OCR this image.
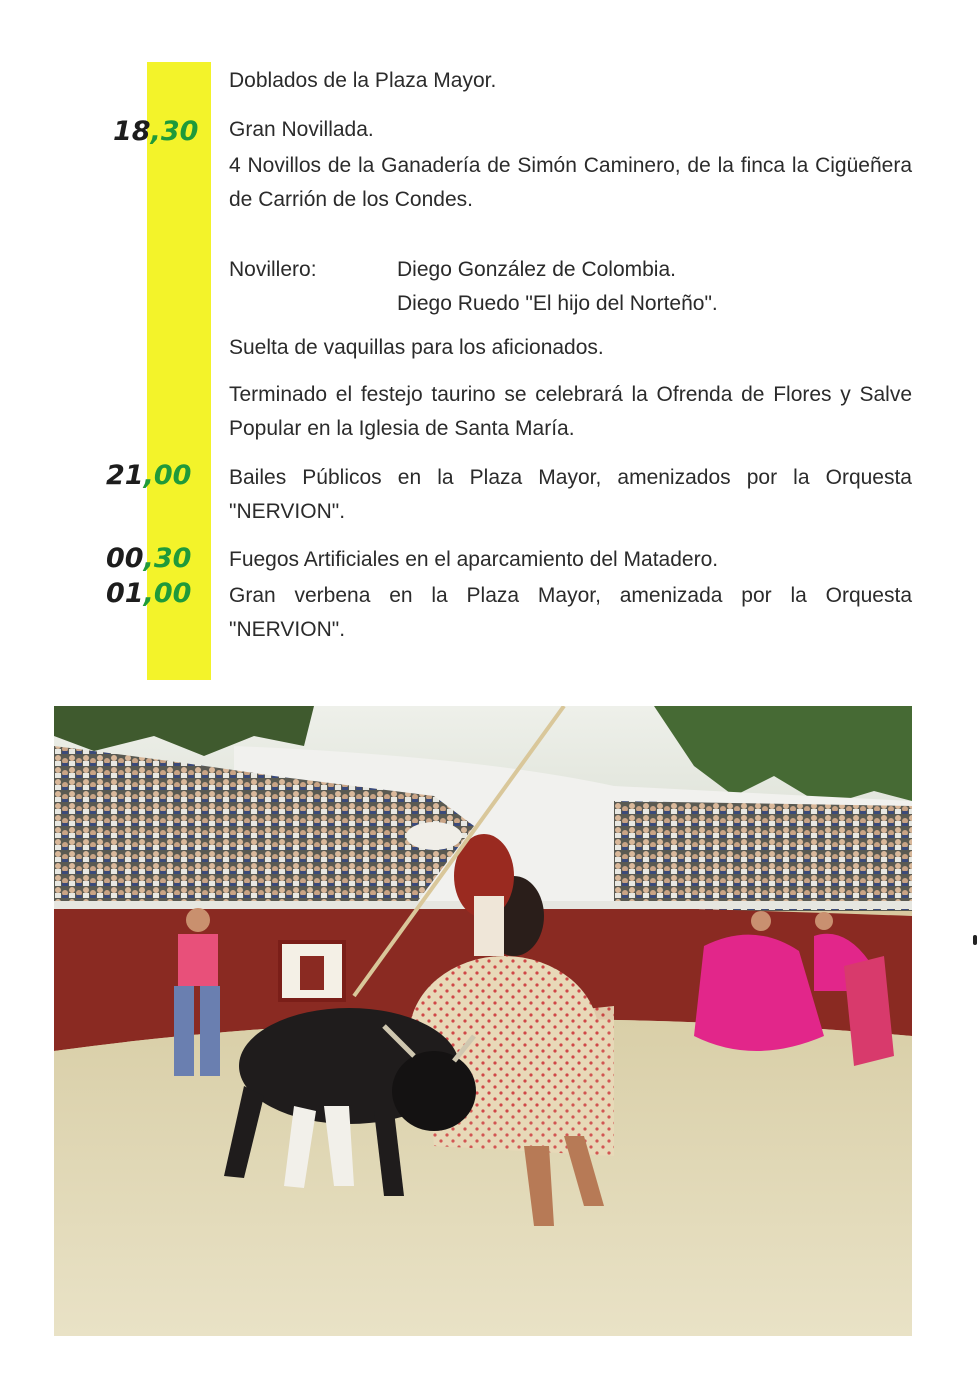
Doblados de la Plaza Mayor.
18,30	Gran Novillada.
4 Novillos de la Ganadería de Simón Caminero, de la finca la Cigüeñera de Carrión de los Condes.
Novillero:	Diego González de Colombia.
Diego Ruedo "El hijo del Norteño".
Suelta de vaquillas para los aficionados.
Terminado el festejo taurino se celebrará la Ofrenda de Flores y Salve Popular en la Iglesia de Santa María.
21,00	Bailes Públicos en la Plaza Mayor, amenizados por la Orquesta "NERVION".
00,30	Fuegos Artificiales en el aparcamiento del Matadero.
01,00	Gran verbena en la Plaza Mayor, amenizada por la Orquesta "NERVION".
